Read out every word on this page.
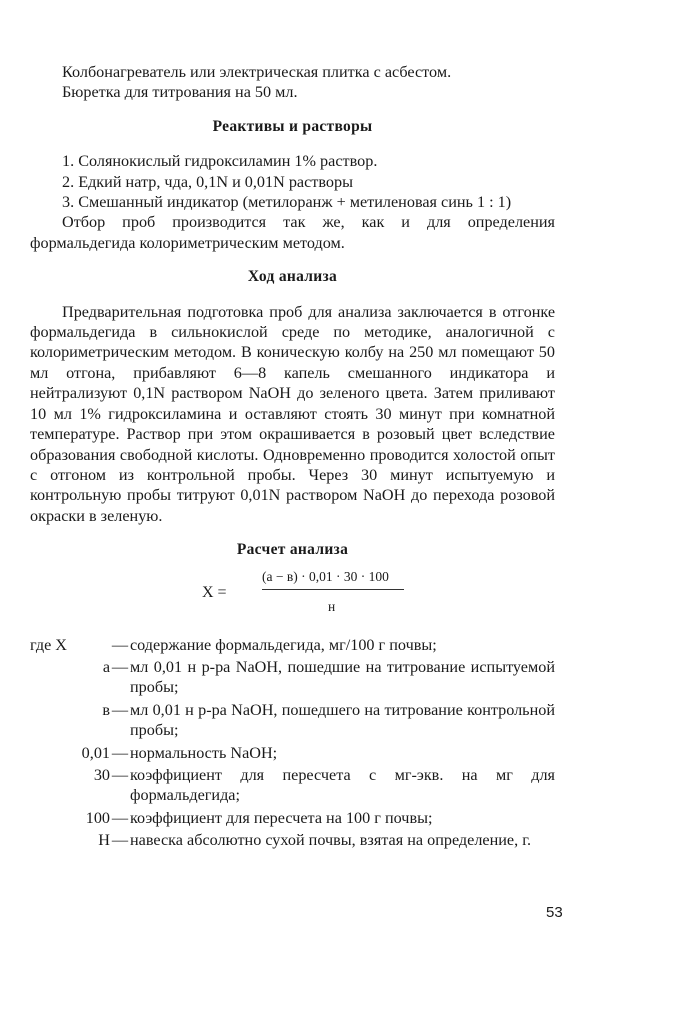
Колбонагреватель или электрическая плитка с асбестом.

Бюретка для титрования на 50 мл.

Реактивы и растворы

1. Солянокислый гидроксиламин 1% раствор.

2. Едкий натр, чда, 0,1N и 0,01N растворы

3. Смешанный индикатор (метилоранж + метиленовая синь 1 : 1)

Отбор проб производится так же, как и для определения формальдегида колориметрическим методом.

Ход анализа

Предварительная подготовка проб для анализа заключается в отгонке формальдегида в сильнокислой среде по методике, аналогичной с колориметрическим методом. В коническую колбу на 250 мл помещают 50 мл отгона, прибавляют 6—8 капель смешанного индикатора и нейтрализуют 0,1N раствором NaOH до зеленого цвета. Затем приливают 10 мл 1% гидроксиламина и оставляют стоять 30 минут при комнатной температуре. Раствор при этом окрашивается в розовый цвет вследствие образования свободной кислоты. Одновременно проводится холостой опыт с отгоном из контрольной пробы. Через 30 минут испытуемую и контрольную пробы титруют 0,01N раствором NaOH до перехода розовой окраски в зеленую.

Расчет анализа
X =
(а − в) · 0,01 · 30 · 100
н
где X	— содержание формальдегида, мг/100 г почвы;
а — мл 0,01 н р-ра NaOH, пошедшие на титрование испытуемой пробы;
в — мл 0,01 н р-ра NaOH, пошедшего на титрование контрольной пробы;
0,01 — нормальность NaOH;
30 — коэффициент для пересчета с мг-экв. на мг для формальдегида;
100 — коэффициент для пересчета на 100 г почвы;
Н — навеска абсолютно сухой почвы, взятая на определение, г.
53
